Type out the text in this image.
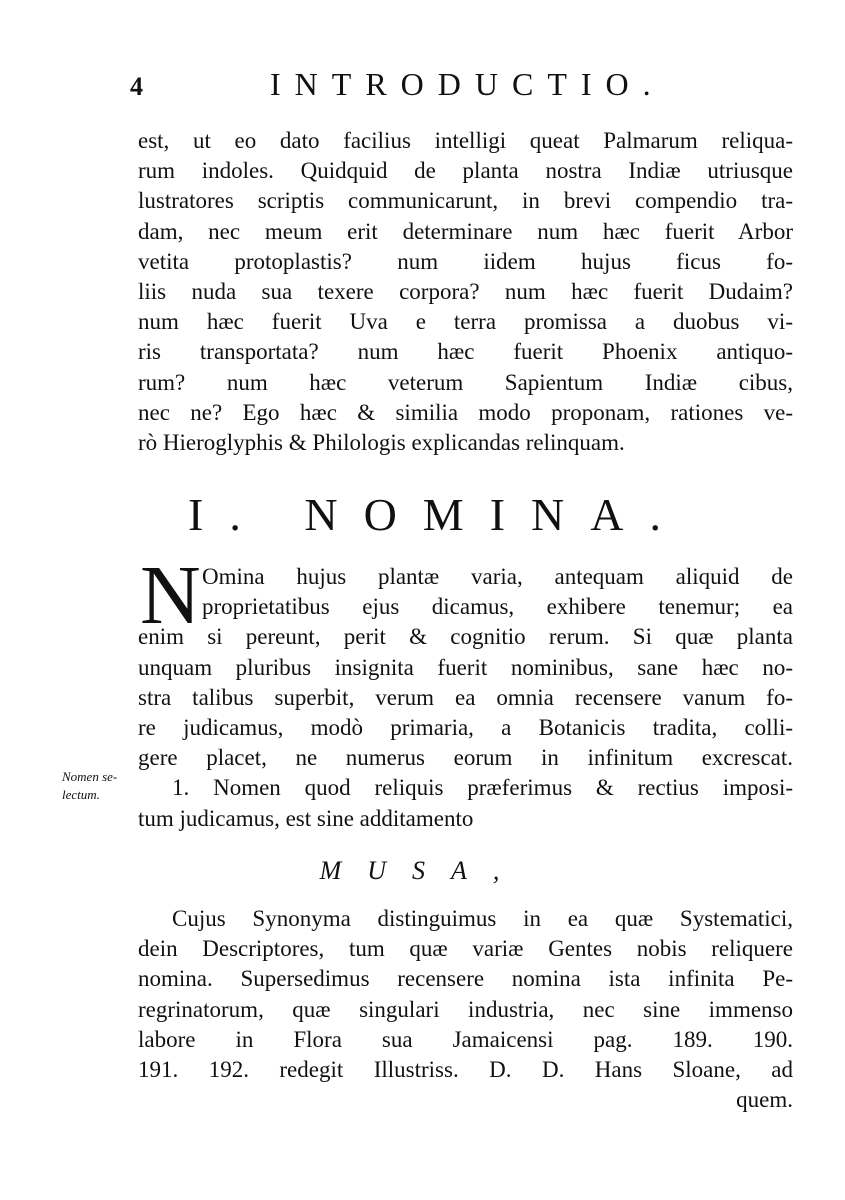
4	INTRODUCTIO.
est, ut eo dato facilius intelligi queat Palmarum reliqua-
rum indoles. Quidquid de planta nostra Indiæ utriusque
lustratores scriptis communicarunt, in brevi compendio tra-
dam, nec meum erit determinare num hæc fuerit Arbor
vetita protoplastis? num iidem hujus ficus fo-
liis nuda sua texere corpora? num hæc fuerit Dudaim?
num hæc fuerit Uva e terra promissa a duobus vi-
ris transportata? num hæc fuerit Phoenix antiquo-
rum? num hæc veterum Sapientum Indiæ cibus,
nec ne? Ego hæc & similia modo proponam, rationes ve-
rò Hieroglyphis & Philologis explicandas relinquam.
I. NOMINA.
N Omina hujus plantæ varia, antequam aliquid de
proprietatibus ejus dicamus, exhibere tenemur; ea
enim si pereunt, perit & cognitio rerum. Si quæ planta
unquam pluribus insignita fuerit nominibus, sane hæc no-
stra talibus superbit, verum ea omnia recensere vanum fo-
re judicamus, modò primaria, a Botanicis tradita, colli-
gere placet, ne numerus eorum in infinitum excrescat.
1. Nomen quod reliquis præferimus & rectius imposi-
tum judicamus, est sine additamento
Nomen se-
lectum.
MUSA,
Cujus Synonyma distinguimus in ea quæ Systematici,
dein Descriptores, tum quæ variæ Gentes nobis reliquere
nomina. Supersedimus recensere nomina ista infinita Pe-
regrinatorum, quæ singulari industria, nec sine immenso
labore in Flora sua Jamaicensi pag. 189. 190.
191. 192. redegit Illustriss. D. D. Hans Sloane, ad
quem.
